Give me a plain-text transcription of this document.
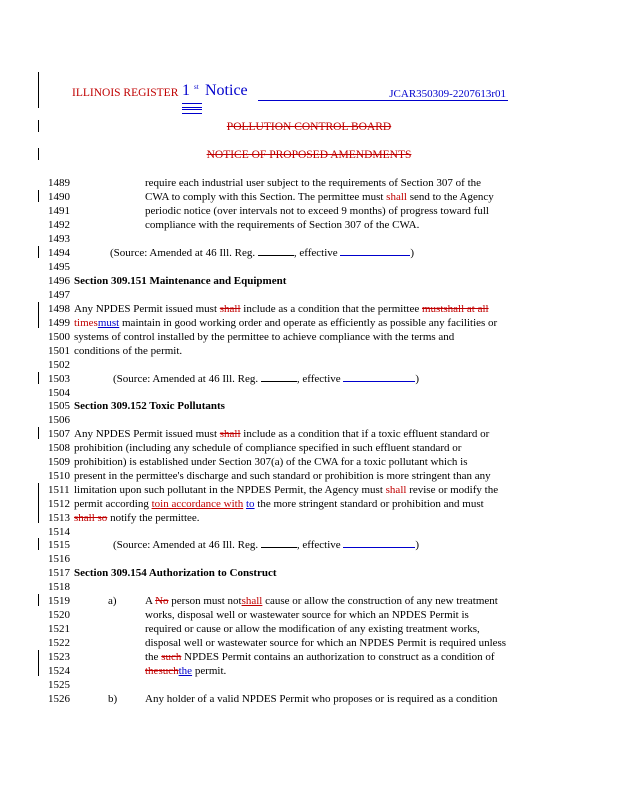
ILLINOIS REGISTER 1 st Notice	JCAR350309-2207613r01
POLLUTION CONTROL BOARD
NOTICE OF PROPOSED AMENDMENTS
1489	require each industrial user subject to the requirements of Section 307 of the
1490	CWA to comply with this Section. The permittee must shall send to the Agency
1491	periodic notice (over intervals not to exceed 9 months) of progress toward full
1492	compliance with the requirements of Section 307 of the CWA.
1493
1494	(Source: Amended at 46 Ill. Reg.	, effective	)
1495
1496 Section 309.151 Maintenance and Equipment
1497
1498 Any NPDES Permit issued must shall include as a condition that the permittee mustshall at all
1499 timesmust maintain in good working order and operate as efficiently as possible any facilities or
1500 systems of control installed by the permittee to achieve compliance with the terms and
1501 conditions of the permit.
1502
1503	(Source: Amended at 46 Ill. Reg.	, effective	)
1504
1505 Section 309.152 Toxic Pollutants
1506
1507 Any NPDES Permit issued must shall include as a condition that if a toxic effluent standard or
1508 prohibition (including any schedule of compliance specified in such effluent standard or
1509 prohibition) is established under Section 307(a) of the CWA for a toxic pollutant which is
1510 present in the permittee's discharge and such standard or prohibition is more stringent than any
1511 limitation upon such pollutant in the NPDES Permit, the Agency must shall revise or modify the
1512 permit according toin accordance with to the more stringent standard or prohibition and must
1513 shall so notify the permittee.
1514
1515	(Source: Amended at 46 Ill. Reg.	, effective	)
1516
1517 Section 309.154 Authorization to Construct
1518
1519	a)	A No person must notshall cause or allow the construction of any new treatment
1520	works, disposal well or wastewater source for which an NPDES Permit is
1521	required or cause or allow the modification of any existing treatment works,
1522	disposal well or wastewater source for which an NPDES Permit is required unless
1523	the such NPDES Permit contains an authorization to construct as a condition of
1524	thesuchthe permit.
1525
1526	b)	Any holder of a valid NPDES Permit who proposes or is required as a condition
